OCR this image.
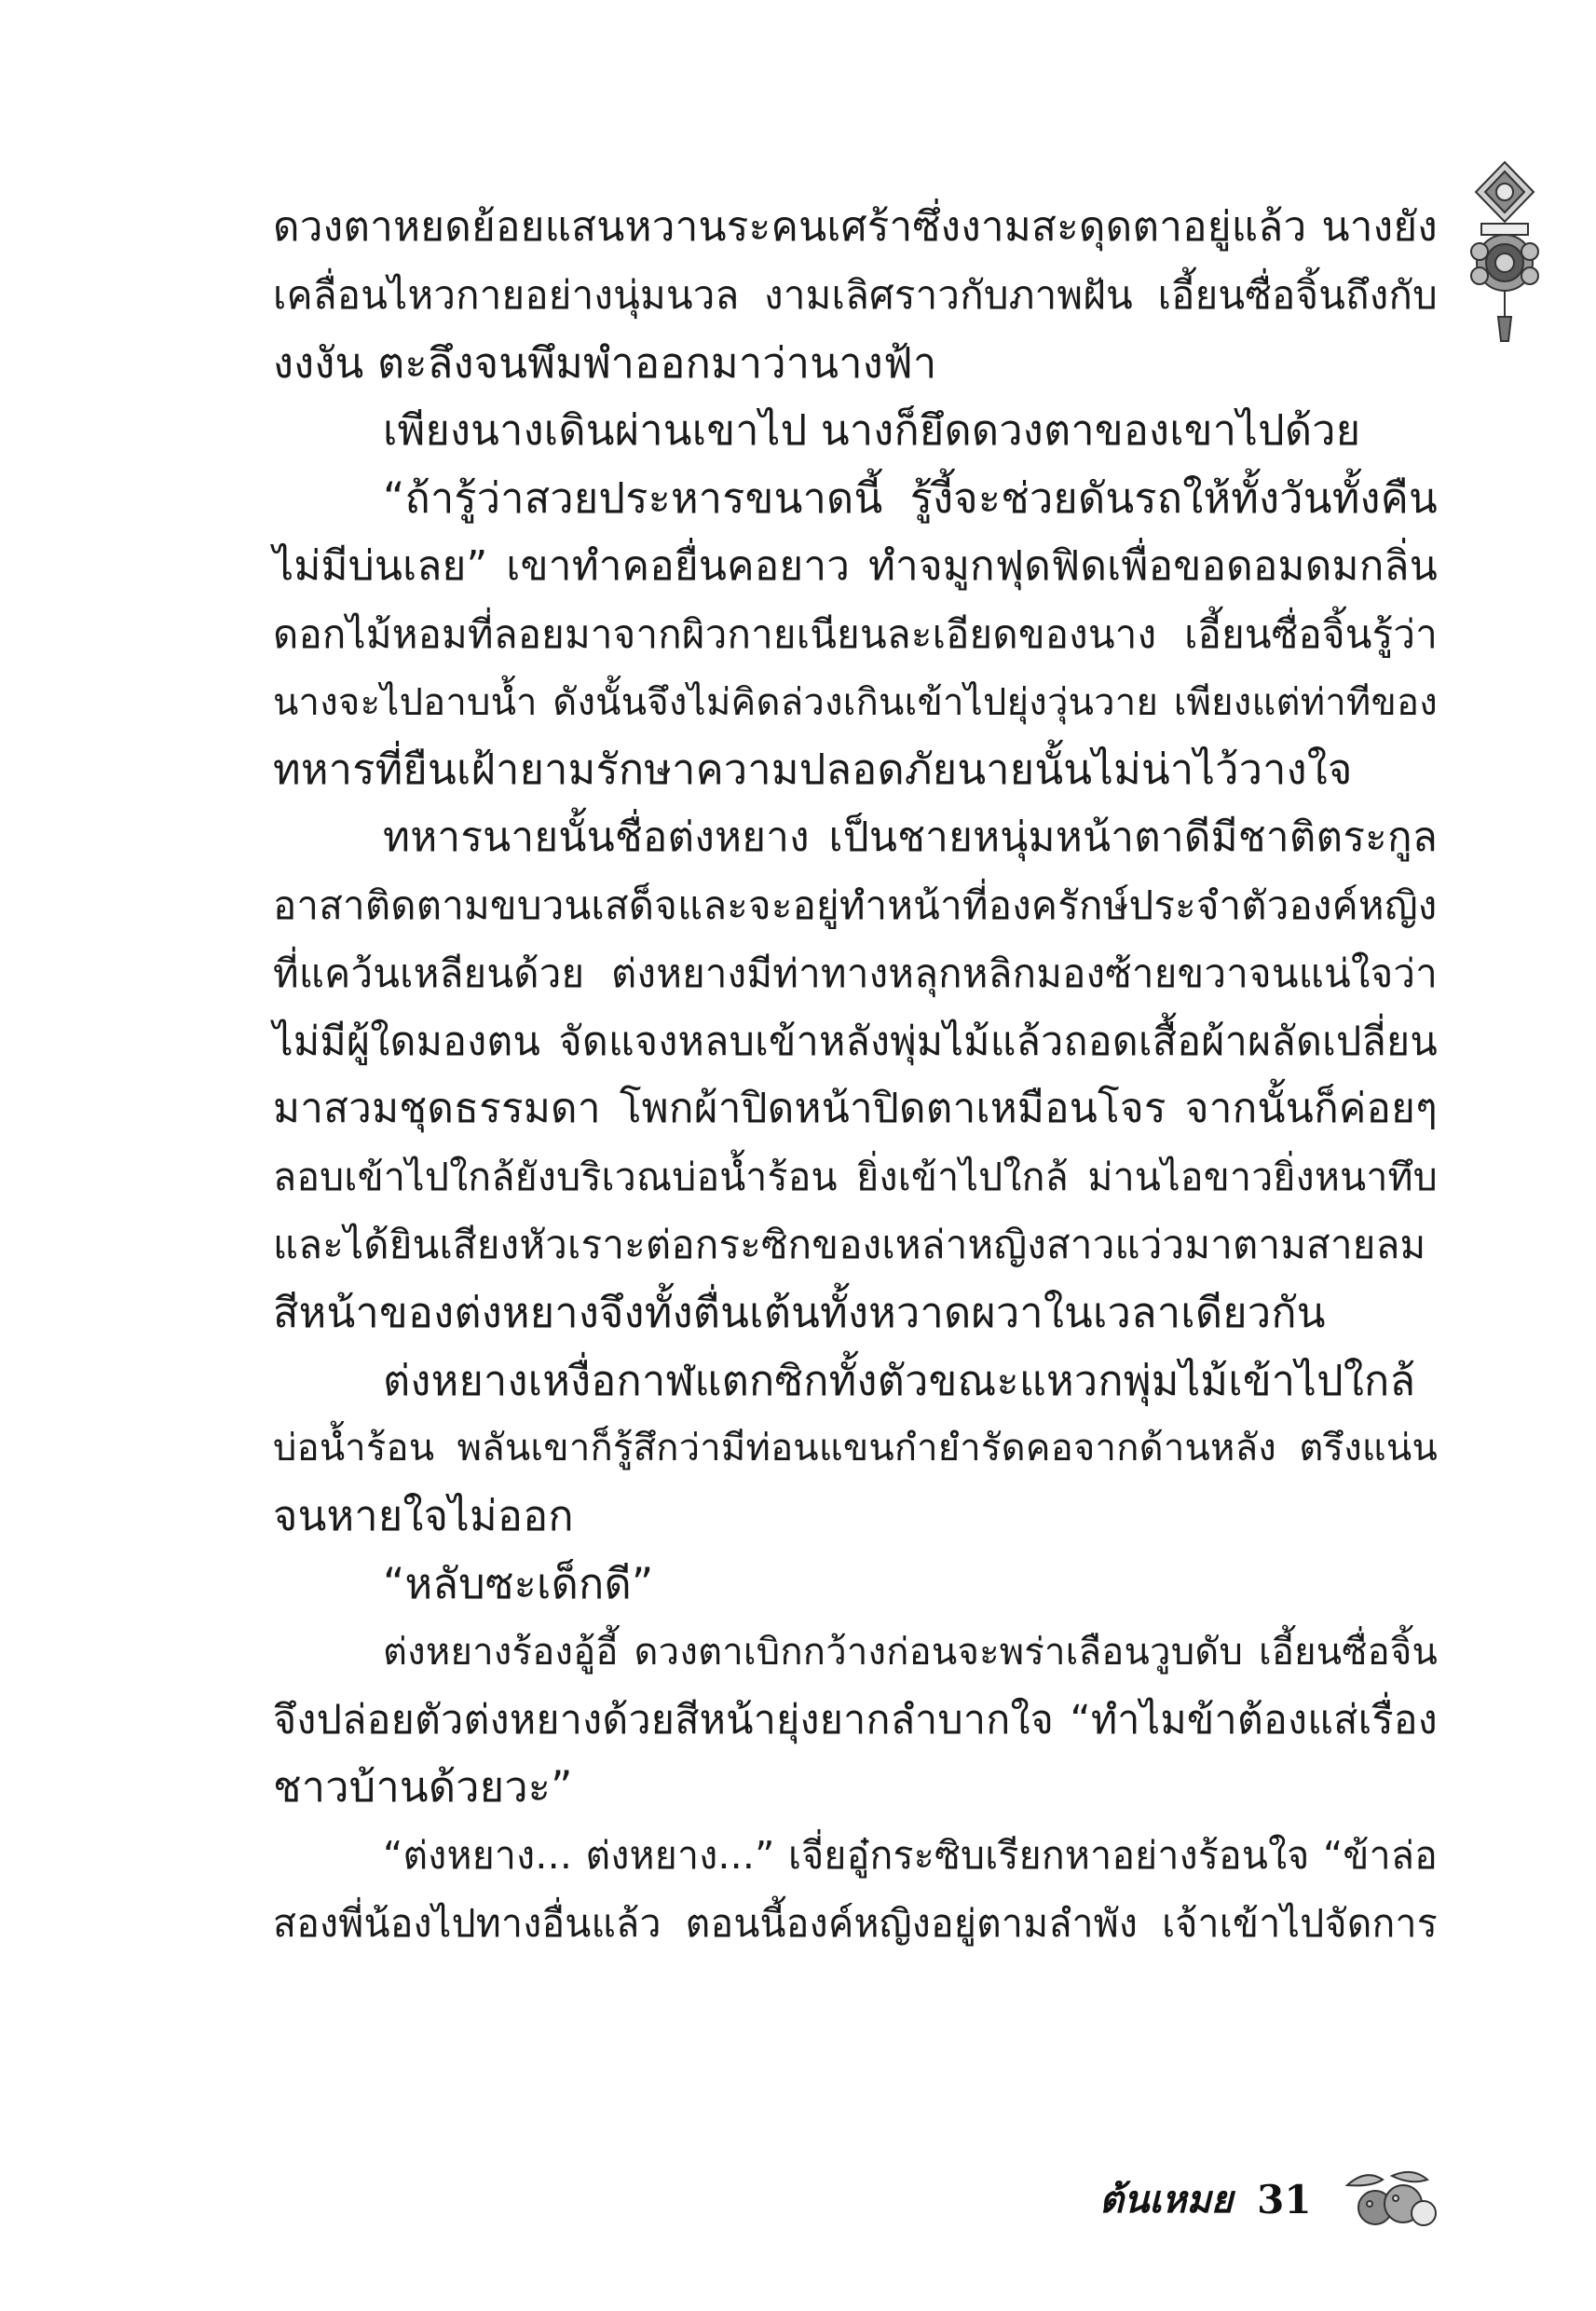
ดวงตาหยดย้อยแสนหวานระคนเศร้าซึ่งงามสะดุดตาอยู่แล้ว นางยัง
เคลื่อนไหวกายอย่างนุ่มนวล งามเลิศราวกับภาพฝัน เอี้ยนซื่อจิ้นถึงกับ
งงงัน ตะลึงจนพึมพำออกมาว่านางฟ้า
เพียงนางเดินผ่านเขาไป นางก็ยึดดวงตาของเขาไปด้วย
“ถ้ารู้ว่าสวยประหารขนาดนี้ รู้งี้จะช่วยดันรถให้ทั้งวันทั้งคืน
ไม่มีบ่นเลย” เขาทำคอยื่นคอยาว ทำจมูกฟุดฟิดเพื่อขอดอมดมกลิ่น
ดอกไม้หอมที่ลอยมาจากผิวกายเนียนละเอียดของนาง เอี้ยนซื่อจิ้นรู้ว่า
นางจะไปอาบน้ำ ดังนั้นจึงไม่คิดล่วงเกินเข้าไปยุ่งวุ่นวาย เพียงแต่ท่าทีของ
ทหารที่ยืนเฝ้ายามรักษาความปลอดภัยนายนั้นไม่น่าไว้วางใจ
ทหารนายนั้นชื่อต่งหยาง เป็นชายหนุ่มหน้าตาดีมีชาติตระกูล
อาสาติดตามขบวนเสด็จและจะอยู่ทำหน้าที่องครักษ์ประจำตัวองค์หญิง
ที่แคว้นเหลียนด้วย ต่งหยางมีท่าทางหลุกหลิกมองซ้ายขวาจนแน่ใจว่า
ไม่มีผู้ใดมองตน จัดแจงหลบเข้าหลังพุ่มไม้แล้วถอดเสื้อผ้าผลัดเปลี่ยน
มาสวมชุดธรรมดา โพกผ้าปิดหน้าปิดตาเหมือนโจร จากนั้นก็ค่อยๆ
ลอบเข้าไปใกล้ยังบริเวณบ่อน้ำร้อน ยิ่งเข้าไปใกล้ ม่านไอขาวยิ่งหนาทึบ
และได้ยินเสียงหัวเราะต่อกระซิกของเหล่าหญิงสาวแว่วมาตามสายลม
สีหน้าของต่งหยางจึงทั้งตื่นเต้นทั้งหวาดผวาในเวลาเดียวกัน
ต่งหยางเหงื่อกาฬแตกซิกทั้งตัวขณะแหวกพุ่มไม้เข้าไปใกล้
บ่อน้ำร้อน พลันเขาก็รู้สึกว่ามีท่อนแขนกำยำรัดคอจากด้านหลัง ตรึงแน่น
จนหายใจไม่ออก
“หลับซะเด็กดี”
ต่งหยางร้องอู้อี้ ดวงตาเบิกกว้างก่อนจะพร่าเลือนวูบดับ เอี้ยนซื่อจิ้น
จึงปล่อยตัวต่งหยางด้วยสีหน้ายุ่งยากลำบากใจ “ทำไมข้าต้องแส่เรื่อง
ชาวบ้านด้วยวะ”
“ต่งหยาง... ต่งหยาง...” เจี่ยอู๋กระซิบเรียกหาอย่างร้อนใจ “ข้าล่อ
สองพี่น้องไปทางอื่นแล้ว ตอนนี้องค์หญิงอยู่ตามลำพัง เจ้าเข้าไปจัดการ
ต้นเหมย 31
